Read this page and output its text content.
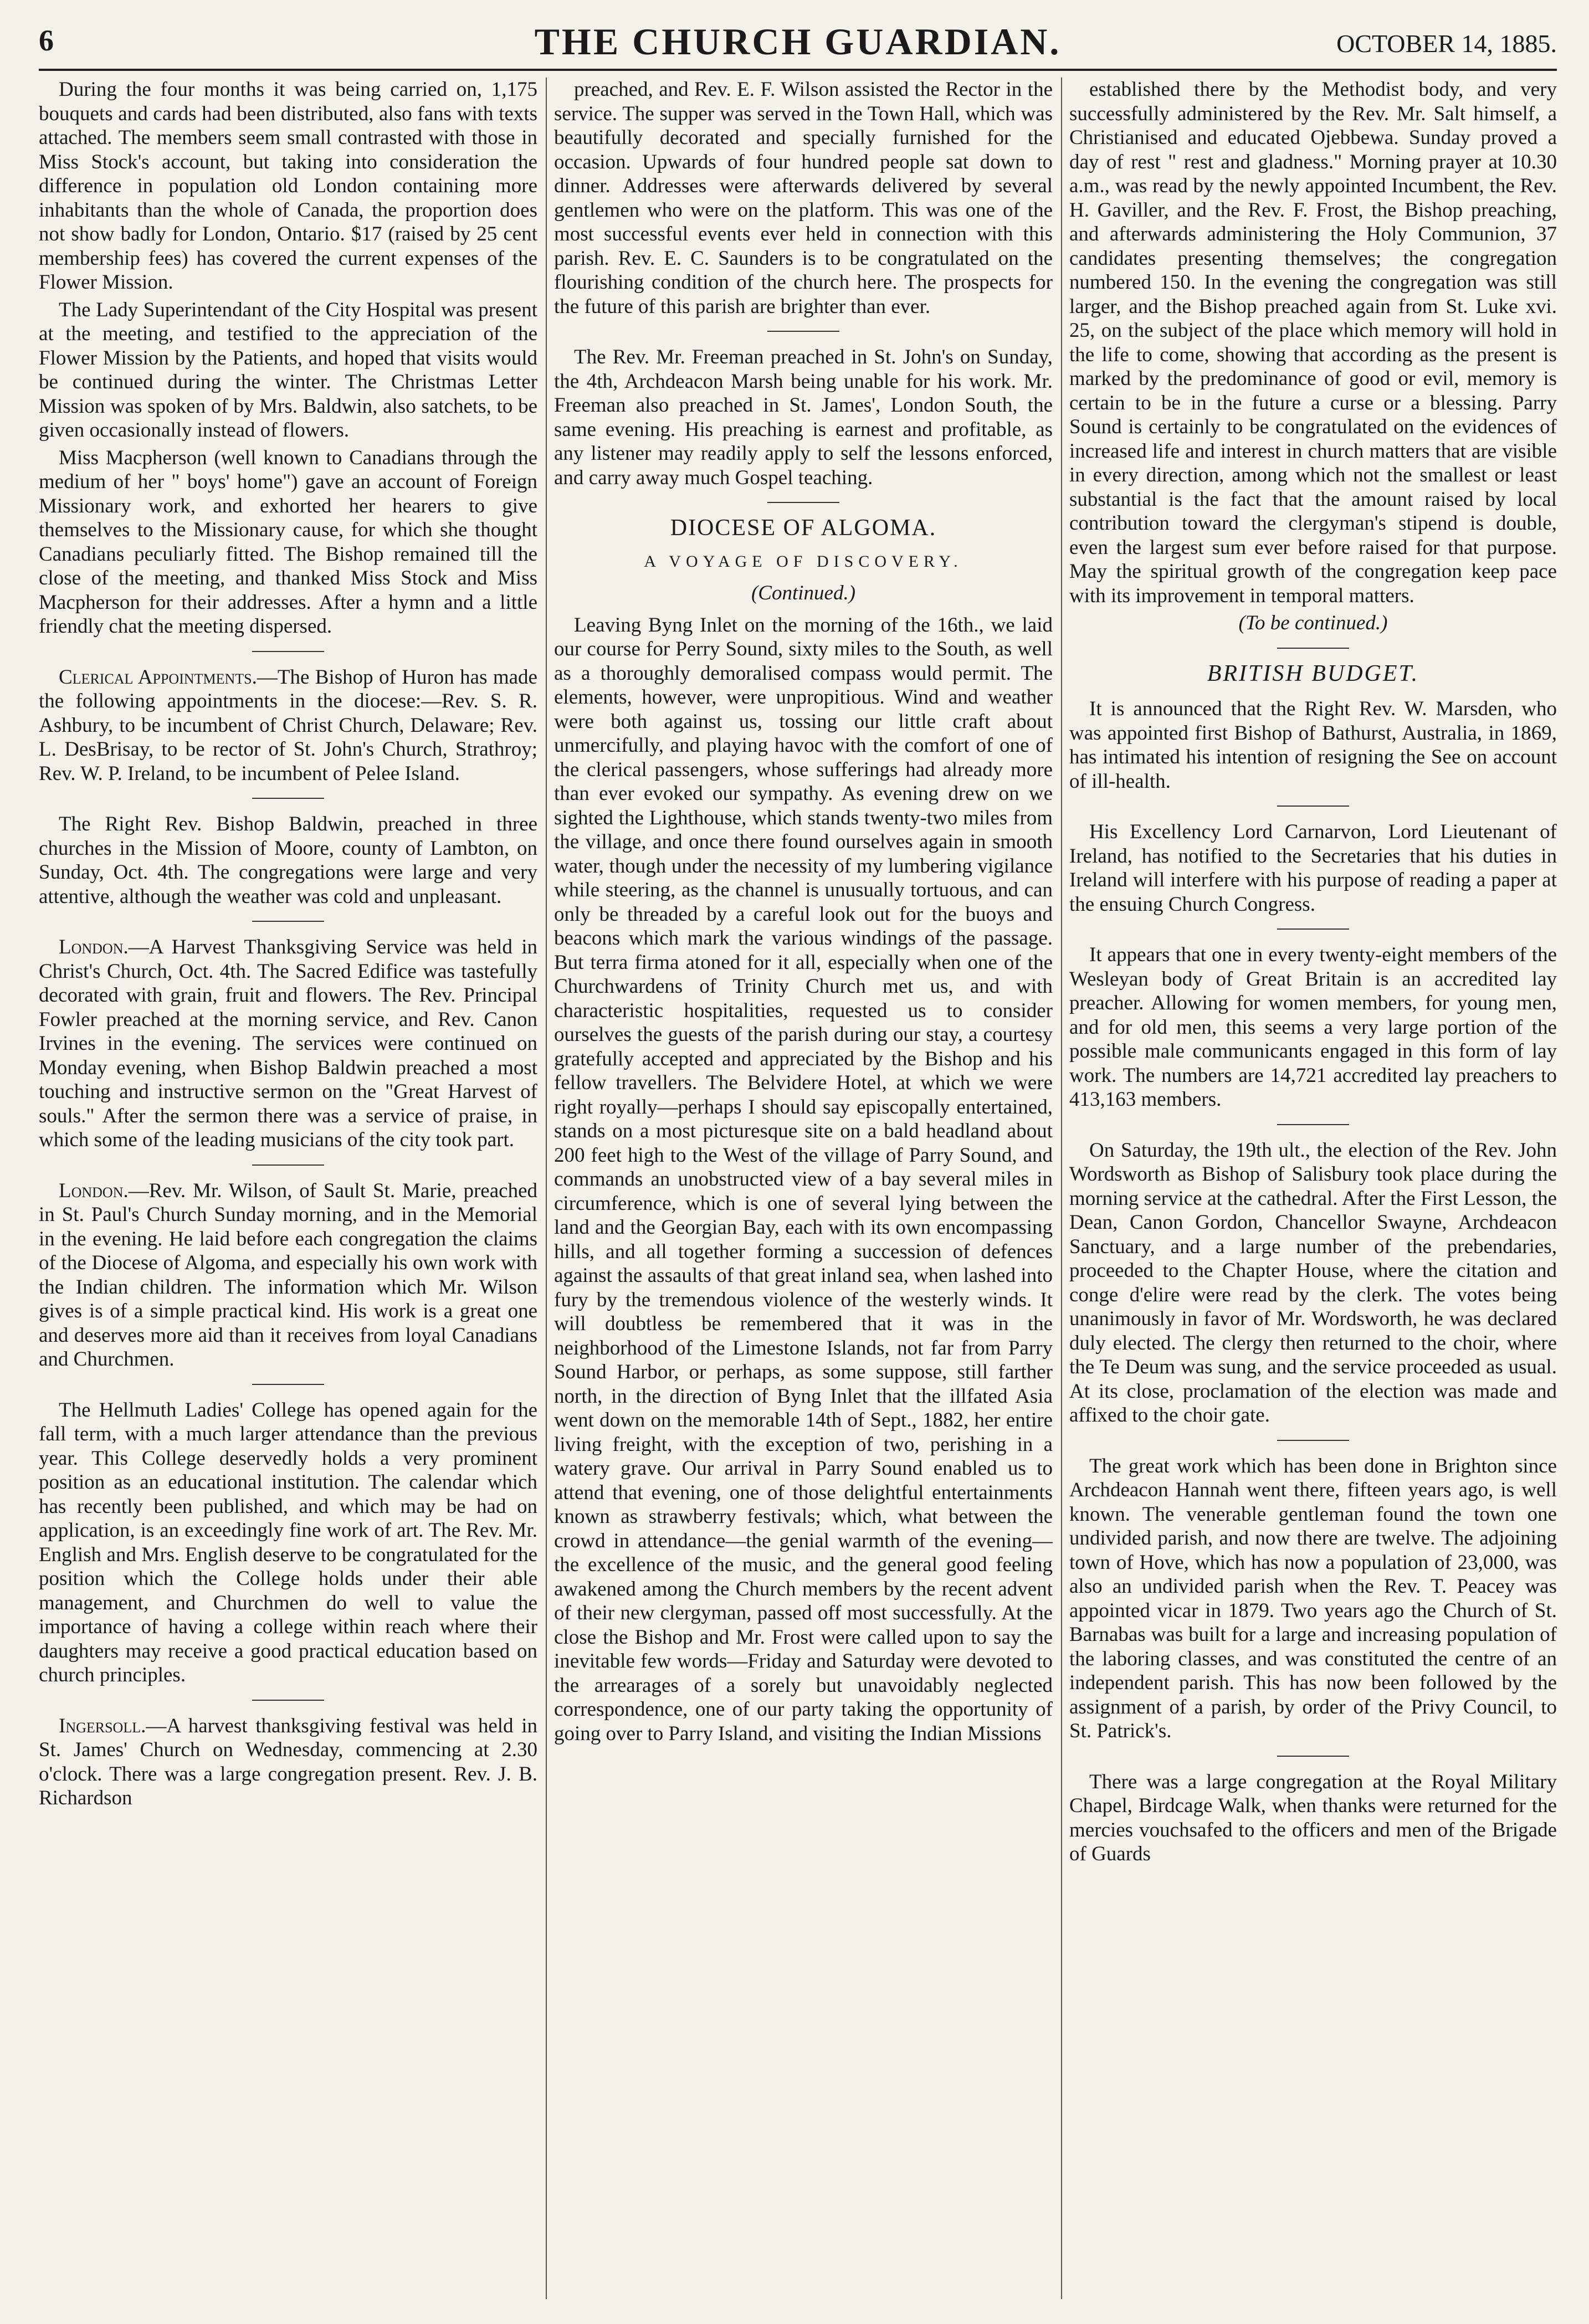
6	THE CHURCH GUARDIAN.	OCTOBER 14, 1885.

During the four months it was being carried on, 1,175 bouquets and cards had been distributed, also fans with texts attached. The members seem small contrasted with those in Miss Stock's account, but taking into consideration the difference in population old London containing more inhabitants than the whole of Canada, the proportion does not show badly for London, Ontario. $17 (raised by 25 cent membership fees) has covered the current expenses of the Flower Mission.

The Lady Superintendant of the City Hospital was present at the meeting, and testified to the appreciation of the Flower Mission by the Patients, and hoped that visits would be continued during the winter. The Christmas Letter Mission was spoken of by Mrs. Baldwin, also satchets, to be given occasionally instead of flowers.

Miss Macpherson (well known to Canadians through the medium of her " boys' home") gave an account of Foreign Missionary work, and exhorted her hearers to give themselves to the Missionary cause, for which she thought Canadians peculiarly fitted. The Bishop remained till the close of the meeting, and thanked Miss Stock and Miss Macpherson for their addresses. After a hymn and a little friendly chat the meeting dispersed.

Clerical Appointments.—The Bishop of Huron has made the following appointments in the diocese:—Rev. S. R. Ashbury, to be incumbent of Christ Church, Delaware; Rev. L. DesBrisay, to be rector of St. John's Church, Strathroy; Rev. W. P. Ireland, to be incumbent of Pelee Island.

The Right Rev. Bishop Baldwin, preached in three churches in the Mission of Moore, county of Lambton, on Sunday, Oct. 4th. The congregations were large and very attentive, although the weather was cold and unpleasant.

London.—A Harvest Thanksgiving Service was held in Christ's Church, Oct. 4th. The Sacred Edifice was tastefully decorated with grain, fruit and flowers. The Rev. Principal Fowler preached at the morning service, and Rev. Canon Irvines in the evening. The services were continued on Monday evening, when Bishop Baldwin preached a most touching and instructive sermon on the "Great Harvest of souls." After the sermon there was a service of praise, in which some of the leading musicians of the city took part.

London.—Rev. Mr. Wilson, of Sault St. Marie, preached in St. Paul's Church Sunday morning, and in the Memorial in the evening. He laid before each congregation the claims of the Diocese of Algoma, and especially his own work with the Indian children. The information which Mr. Wilson gives is of a simple practical kind. His work is a great one and deserves more aid than it receives from loyal Canadians and Churchmen.

The Hellmuth Ladies' College has opened again for the fall term, with a much larger attendance than the previous year. This College deservedly holds a very prominent position as an educational institution. The calendar which has recently been published, and which may be had on application, is an exceedingly fine work of art. The Rev. Mr. English and Mrs. English deserve to be congratulated for the position which the College holds under their able management, and Churchmen do well to value the importance of having a college within reach where their daughters may receive a good practical education based on church principles.

Ingersoll.—A harvest thanksgiving festival was held in St. James' Church on Wednesday, commencing at 2.30 o'clock. There was a large congregation present. Rev. J. B. Richardson

preached, and Rev. E. F. Wilson assisted the Rector in the service. The supper was served in the Town Hall, which was beautifully decorated and specially furnished for the occasion. Upwards of four hundred people sat down to dinner. Addresses were afterwards delivered by several gentlemen who were on the platform. This was one of the most successful events ever held in connection with this parish. Rev. E. C. Saunders is to be congratulated on the flourishing condition of the church here. The prospects for the future of this parish are brighter than ever.

The Rev. Mr. Freeman preached in St. John's on Sunday, the 4th, Archdeacon Marsh being unable for his work. Mr. Freeman also preached in St. James', London South, the same evening. His preaching is earnest and profitable, as any listener may readily apply to self the lessons enforced, and carry away much Gospel teaching.

DIOCESE OF ALGOMA.
A VOYAGE OF DISCOVERY.
(Continued.)

Leaving Byng Inlet on the morning of the 16th., we laid our course for Perry Sound, sixty miles to the South, as well as a thoroughly demoralised compass would permit. The elements, however, were unpropitious. Wind and weather were both against us, tossing our little craft about unmercifully, and playing havoc with the comfort of one of the clerical passengers, whose sufferings had already more than ever evoked our sympathy. As evening drew on we sighted the Lighthouse, which stands twenty-two miles from the village, and once there found ourselves again in smooth water, though under the necessity of my lumbering vigilance while steering, as the channel is unusually tortuous, and can only be threaded by a careful look out for the buoys and beacons which mark the various windings of the passage. But terra firma atoned for it all, especially when one of the Churchwardens of Trinity Church met us, and with characteristic hospitalities, requested us to consider ourselves the guests of the parish during our stay, a courtesy gratefully accepted and appreciated by the Bishop and his fellow travellers. The Belvidere Hotel, at which we were right royally—perhaps I should say episcopally entertained, stands on a most picturesque site on a bald headland about 200 feet high to the West of the village of Parry Sound, and commands an unobstructed view of a bay several miles in circumference, which is one of several lying between the land and the Georgian Bay, each with its own encompassing hills, and all together forming a succession of defences against the assaults of that great inland sea, when lashed into fury by the tremendous violence of the westerly winds. It will doubtless be remembered that it was in the neighborhood of the Limestone Islands, not far from Parry Sound Harbor, or perhaps, as some suppose, still farther north, in the direction of Byng Inlet that the illfated Asia went down on the memorable 14th of Sept., 1882, her entire living freight, with the exception of two, perishing in a watery grave. Our arrival in Parry Sound enabled us to attend that evening, one of those delightful entertainments known as strawberry festivals; which, what between the crowd in attendance—the genial warmth of the evening—the excellence of the music, and the general good feeling awakened among the Church members by the recent advent of their new clergyman, passed off most successfully. At the close the Bishop and Mr. Frost were called upon to say the inevitable few words—Friday and Saturday were devoted to the arrearages of a sorely but unavoidably neglected correspondence, one of our party taking the opportunity of going over to Parry Island, and visiting the Indian Missions

established there by the Methodist body, and very successfully administered by the Rev. Mr. Salt himself, a Christianised and educated Ojebbewa. Sunday proved a day of rest " rest and gladness." Morning prayer at 10.30 a.m., was read by the newly appointed Incumbent, the Rev. H. Gaviller, and the Rev. F. Frost, the Bishop preaching, and afterwards administering the Holy Communion, 37 candidates presenting themselves; the congregation numbered 150. In the evening the congregation was still larger, and the Bishop preached again from St. Luke xvi. 25, on the subject of the place which memory will hold in the life to come, showing that according as the present is marked by the predominance of good or evil, memory is certain to be in the future a curse or a blessing. Parry Sound is certainly to be congratulated on the evidences of increased life and interest in church matters that are visible in every direction, among which not the smallest or least substantial is the fact that the amount raised by local contribution toward the clergyman's stipend is double, even the largest sum ever before raised for that purpose. May the spiritual growth of the congregation keep pace with its improvement in temporal matters.

(To be continued.)
BRITISH BUDGET.

It is announced that the Right Rev. W. Marsden, who was appointed first Bishop of Bathurst, Australia, in 1869, has intimated his intention of resigning the See on account of ill-health.

His Excellency Lord Carnarvon, Lord Lieutenant of Ireland, has notified to the Secretaries that his duties in Ireland will interfere with his purpose of reading a paper at the ensuing Church Congress.

It appears that one in every twenty-eight members of the Wesleyan body of Great Britain is an accredited lay preacher. Allowing for women members, for young men, and for old men, this seems a very large portion of the possible male communicants engaged in this form of lay work. The numbers are 14,721 accredited lay preachers to 413,163 members.

On Saturday, the 19th ult., the election of the Rev. John Wordsworth as Bishop of Salisbury took place during the morning service at the cathedral. After the First Lesson, the Dean, Canon Gordon, Chancellor Swayne, Archdeacon Sanctuary, and a large number of the prebendaries, proceeded to the Chapter House, where the citation and conge d'elire were read by the clerk. The votes being unanimously in favor of Mr. Wordsworth, he was declared duly elected. The clergy then returned to the choir, where the Te Deum was sung, and the service proceeded as usual. At its close, proclamation of the election was made and affixed to the choir gate.

The great work which has been done in Brighton since Archdeacon Hannah went there, fifteen years ago, is well known. The venerable gentleman found the town one undivided parish, and now there are twelve. The adjoining town of Hove, which has now a population of 23,000, was also an undivided parish when the Rev. T. Peacey was appointed vicar in 1879. Two years ago the Church of St. Barnabas was built for a large and increasing population of the laboring classes, and was constituted the centre of an independent parish. This has now been followed by the assignment of a parish, by order of the Privy Council, to St. Patrick's.

There was a large congregation at the Royal Military Chapel, Birdcage Walk, when thanks were returned for the mercies vouchsafed to the officers and men of the Brigade of Guards
